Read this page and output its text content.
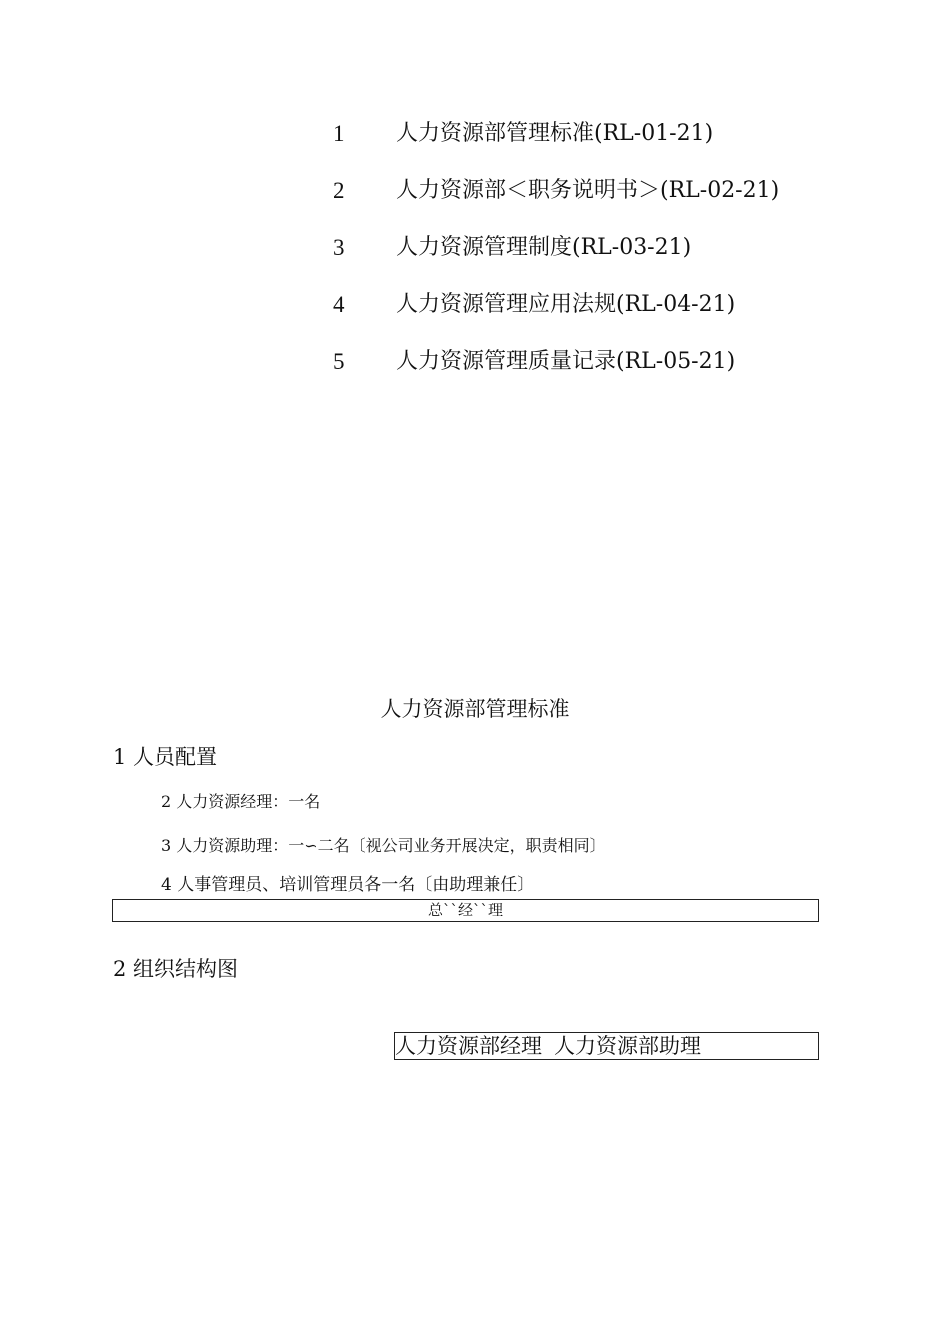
1 人力资源部管理标准(RL-01-21)
2 人力资源部＜职务说明书＞(RL-02-21)
3 人力资源管理制度(RL-03-21)
4 人力资源管理应用法规(RL-04-21)
5 人力资源管理质量记录(RL-05-21)
人力资源部管理标准
1 人员配置
2 人力资源经理：一名
3 人力资源助理：一∽二名〔视公司业务开展决定，职责相同〕
4 人事管理员、培训管理员各一名〔由助理兼任〕
总``经``理
2 组织结构图
人力资源部经理 人力资源部助理
